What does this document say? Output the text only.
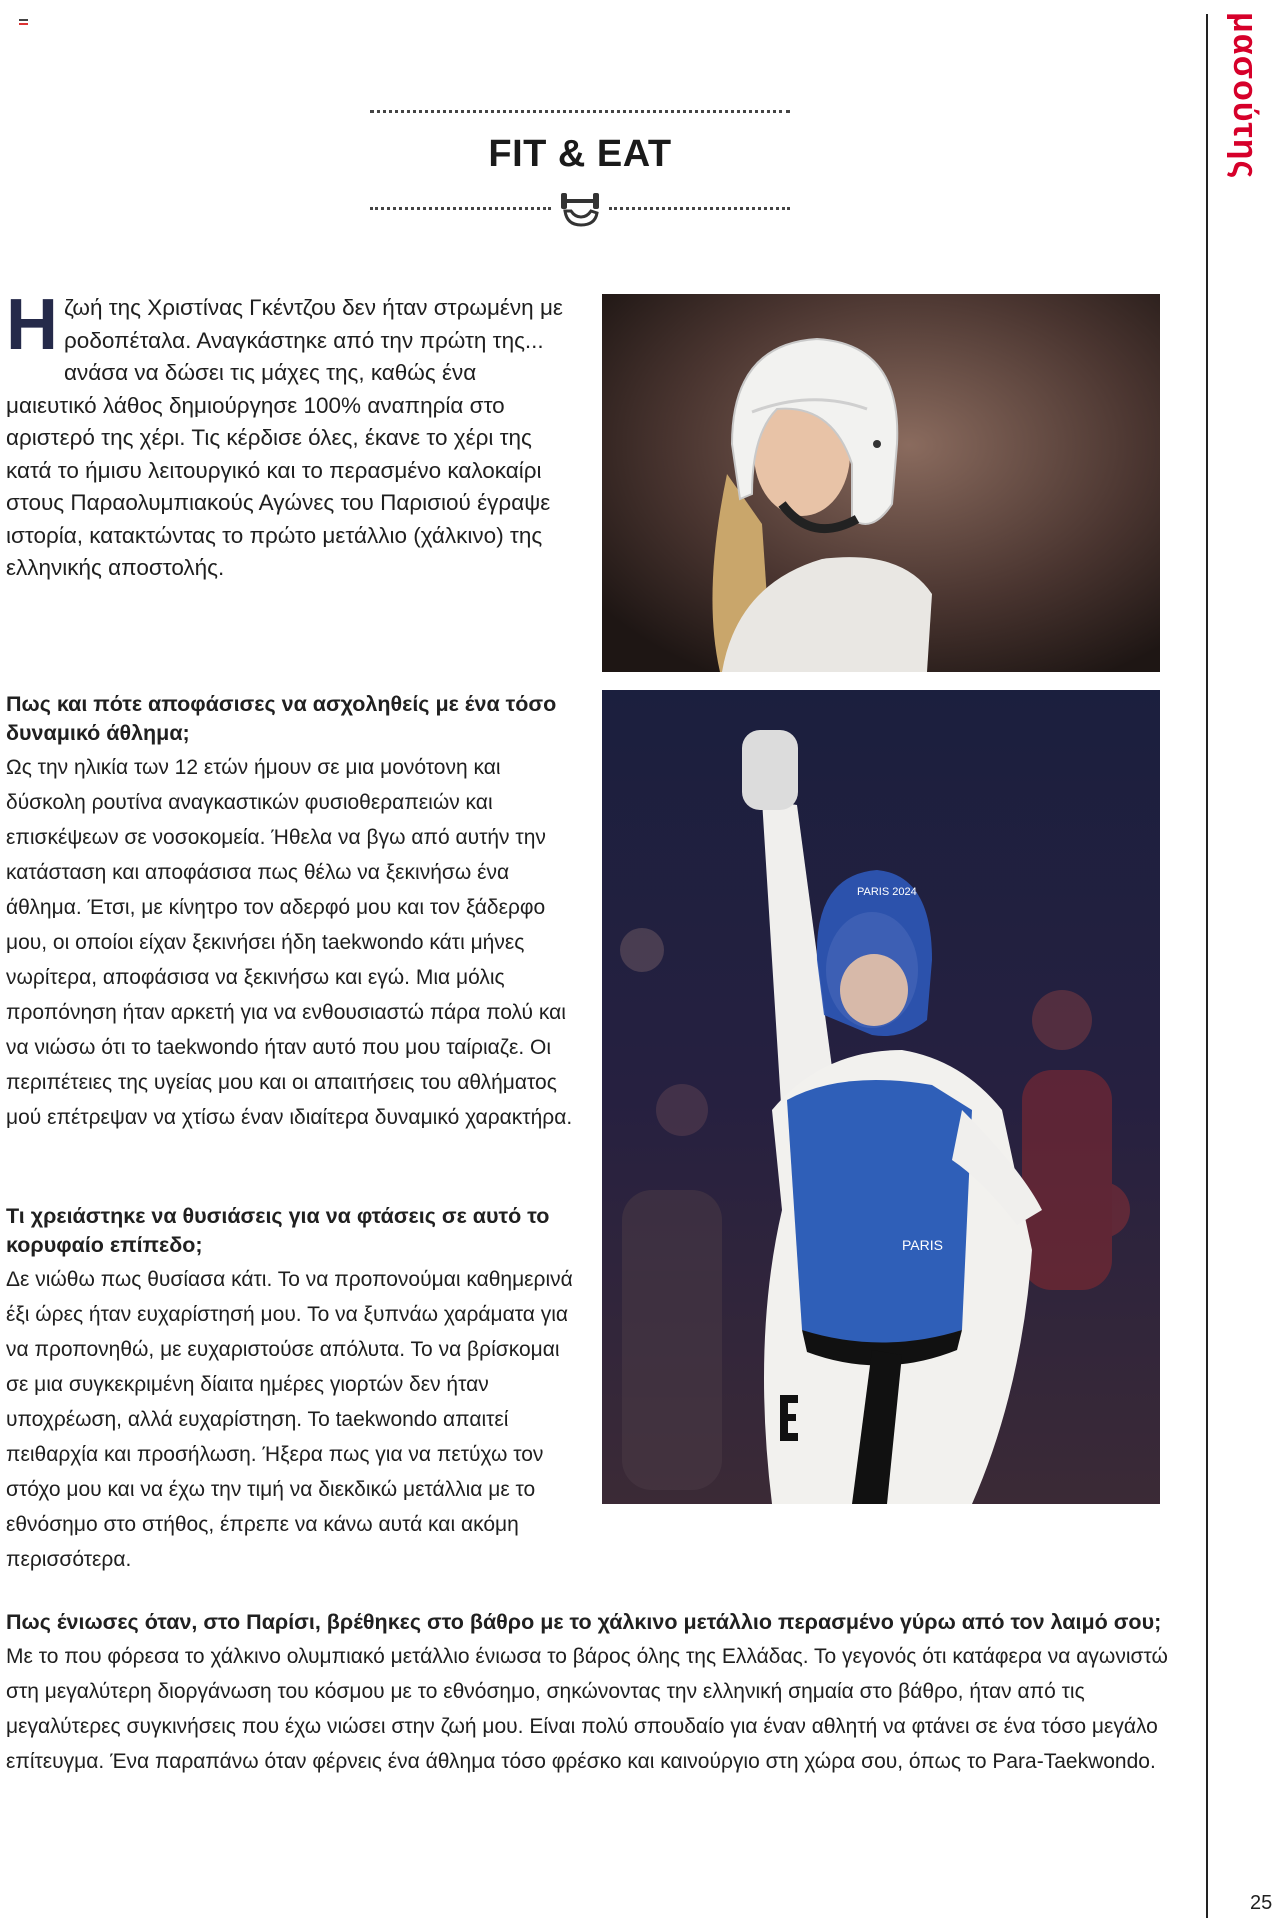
μασούτης
FIT & EAT
Ηζωή της Χριστίνας Γκέντζου δεν ήταν στρωμένη με ροδοπέταλα. Αναγκάστηκε από την πρώτη της... ανάσα να δώσει τις μάχες της, καθώς ένα μαιευτικό λάθος δημιούργησε 100% αναπηρία στο αριστερό της χέρι. Τις κέρδισε όλες, έκανε το χέρι της κατά το ήμισυ λειτουργικό και το περασμένο καλοκαίρι στους Παραολυμπιακούς Αγώνες του Παρισιού έγραψε ιστορία, κατακτώντας το πρώτο μετάλλιο (χάλκινο) της ελληνικής αποστολής.
PARIS
PARIS 2024
Πως και πότε αποφάσισες να ασχοληθείς με ένα τόσο δυναμικό άθλημα;
Ως την ηλικία των 12 ετών ήμουν σε μια μονότονη και δύσκολη ρουτίνα αναγκαστικών φυσιοθεραπειών και επισκέψεων σε νοσοκομεία. Ήθελα να βγω από αυτήν την κατάσταση και αποφάσισα πως θέλω να ξεκινήσω ένα άθλημα. Έτσι, με κίνητρο τον αδερφό μου και τον ξάδερφο μου, οι οποίοι είχαν ξεκινήσει ήδη taekwondo κάτι μήνες νωρίτερα, αποφάσισα να ξεκινήσω και εγώ. Μια μόλις προπόνηση ήταν αρκετή για να ενθουσιαστώ πάρα πολύ και να νιώσω ότι το taekwondo ήταν αυτό που μου ταίριαζε. Οι περιπέτειες της υγείας μου και οι απαιτήσεις του αθλήματος μού επέτρεψαν να χτίσω έναν ιδιαίτερα δυναμικό χαρακτήρα.
Τι χρειάστηκε να θυσιάσεις για να φτάσεις σε αυτό το κορυφαίο επίπεδο;
Δε νιώθω πως θυσίασα κάτι. Το να προπονούμαι καθημερινά έξι ώρες ήταν ευχαρίστησή μου. Το να ξυπνάω χαράματα για να προπονηθώ, με ευχαριστούσε απόλυτα. Το να βρίσκομαι σε μια συγκεκριμένη δίαιτα ημέρες γιορτών δεν ήταν υποχρέωση, αλλά ευχαρίστηση. Το taekwondo απαιτεί πειθαρχία και προσήλωση. Ήξερα πως για να πετύχω τον στόχο μου και να έχω την τιμή να διεκδικώ μετάλλια με το εθνόσημο στο στήθος, έπρεπε να κάνω αυτά και ακόμη περισσότερα.
Πως ένιωσες όταν, στο Παρίσι, βρέθηκες στο βάθρο με το χάλκινο μετάλλιο περασμένο γύρω από τον λαιμό σου;
Με το που φόρεσα το χάλκινο ολυμπιακό μετάλλιο ένιωσα το βάρος όλης της Ελλάδας. Το γεγονός ότι κατάφερα να αγωνιστώ στη μεγαλύτερη διοργάνωση του κόσμου με το εθνόσημο, σηκώνοντας την ελληνική σημαία στο βάθρο, ήταν από τις μεγαλύτερες συγκινήσεις που έχω νιώσει στην ζωή μου. Είναι πολύ σπουδαίο για έναν αθλητή να φτάνει σε ένα τόσο μεγάλο επίτευγμα. Ένα παραπάνω όταν φέρνεις ένα άθλημα τόσο φρέσκο και καινούργιο στη χώρα σου, όπως το Para-Taekwondo.
25
